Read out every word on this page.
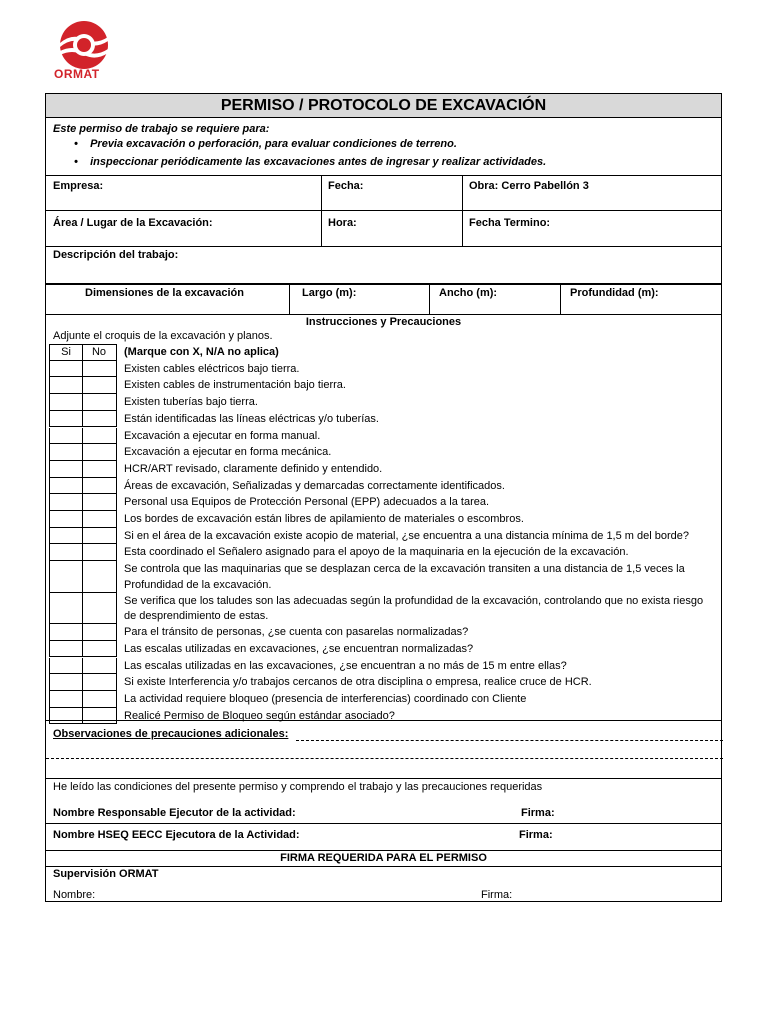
ORMAT
PERMISO / PROTOCOLO DE EXCAVACIÓN
Este permiso de trabajo se requiere para:
•    Previa excavación o perforación, para evaluar condiciones de terreno.
•    inspeccionar periódicamente las excavaciones antes de ingresar y realizar actividades.
Empresa:	Fecha:	Obra: Cerro Pabellón 3
Área / Lugar de la Excavación:	Hora:	Fecha Termino:
Descripción del trabajo:
Dimensiones de la excavación	Largo (m):	Ancho (m):	Profundidad (m):
Instrucciones y Precauciones
Adjunte el croquis de la excavación y planos.
Si	No	(Marque con X, N/A no aplica)
Existen cables eléctricos bajo tierra.
Existen cables de instrumentación bajo tierra.
Existen tuberías bajo tierra.
Están identificadas las líneas eléctricas y/o tuberías.
Excavación a ejecutar en forma manual.
Excavación a ejecutar en forma mecánica.
HCR/ART revisado, claramente definido y entendido.
Áreas de excavación, Señalizadas y demarcadas correctamente identificados.
Personal usa Equipos de Protección Personal (EPP) adecuados a la tarea.
Los bordes de excavación están libres de apilamiento de materiales o escombros.
Si en el área de la excavación existe acopio de material, ¿se encuentra a una distancia mínima de 1,5 m del borde?
Esta coordinado el Señalero asignado para el apoyo de la maquinaria en la ejecución de la excavación.
Se controla que las maquinarias que se desplazan cerca de la excavación transiten a una distancia de 1,5 veces la Profundidad de la excavación.
Se verifica que los taludes son las adecuadas según la profundidad de la excavación, controlando que no exista riesgo de desprendimiento de estas.
Para el tránsito de personas, ¿se cuenta con pasarelas normalizadas?
Las escalas utilizadas en excavaciones, ¿se encuentran normalizadas?
Las escalas utilizadas en las excavaciones, ¿se encuentran a no más de 15 m entre ellas?
Si existe Interferencia y/o trabajos cercanos de otra disciplina o empresa, realice cruce de HCR.
La actividad requiere bloqueo (presencia de interferencias) coordinado con Cliente
Realicé Permiso de Bloqueo según estándar asociado?
Observaciones de precauciones adicionales:
He leído las condiciones del presente permiso y comprendo el trabajo y las precauciones requeridas
Nombre Responsable Ejecutor de la actividad:	Firma:
Nombre HSEQ EECC Ejecutora de la Actividad:	Firma:
FIRMA REQUERIDA PARA EL PERMISO
Supervisión ORMAT
Nombre:	Firma:
